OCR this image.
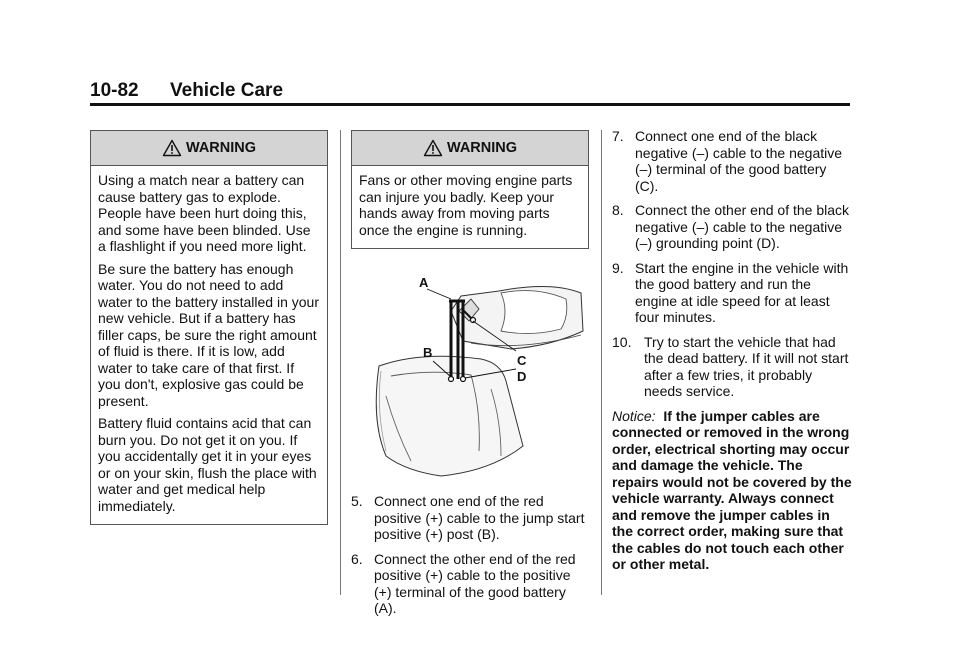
10-82 Vehicle Care
WARNING

Using a match near a battery can cause battery gas to explode. People have been hurt doing this, and some have been blinded. Use a flashlight if you need more light.

Be sure the battery has enough water. You do not need to add water to the battery installed in your new vehicle. But if a battery has filler caps, be sure the right amount of fluid is there. If it is low, add water to take care of that first. If you don't, explosive gas could be present.

Battery fluid contains acid that can burn you. Do not get it on you. If you accidentally get it in your eyes or on your skin, flush the place with water and get medical help immediately.

WARNING

Fans or other moving engine parts can injure you badly. Keep your hands away from moving parts once the engine is running.

A
B
C
D

5. Connect one end of the red positive (+) cable to the jump start positive (+) post (B).

6. Connect the other end of the red positive (+) cable to the positive (+) terminal of the good battery (A).

7. Connect one end of the black negative (–) cable to the negative (–) terminal of the good battery (C).

8. Connect the other end of the black negative (–) cable to the negative (–) grounding point (D).

9. Start the engine in the vehicle with the good battery and run the engine at idle speed for at least four minutes.

10. Try to start the vehicle that had the dead battery. If it will not start after a few tries, it probably needs service.

Notice: If the jumper cables are connected or removed in the wrong order, electrical shorting may occur and damage the vehicle. The repairs would not be covered by the vehicle warranty. Always connect and remove the jumper cables in the correct order, making sure that the cables do not touch each other or other metal.
